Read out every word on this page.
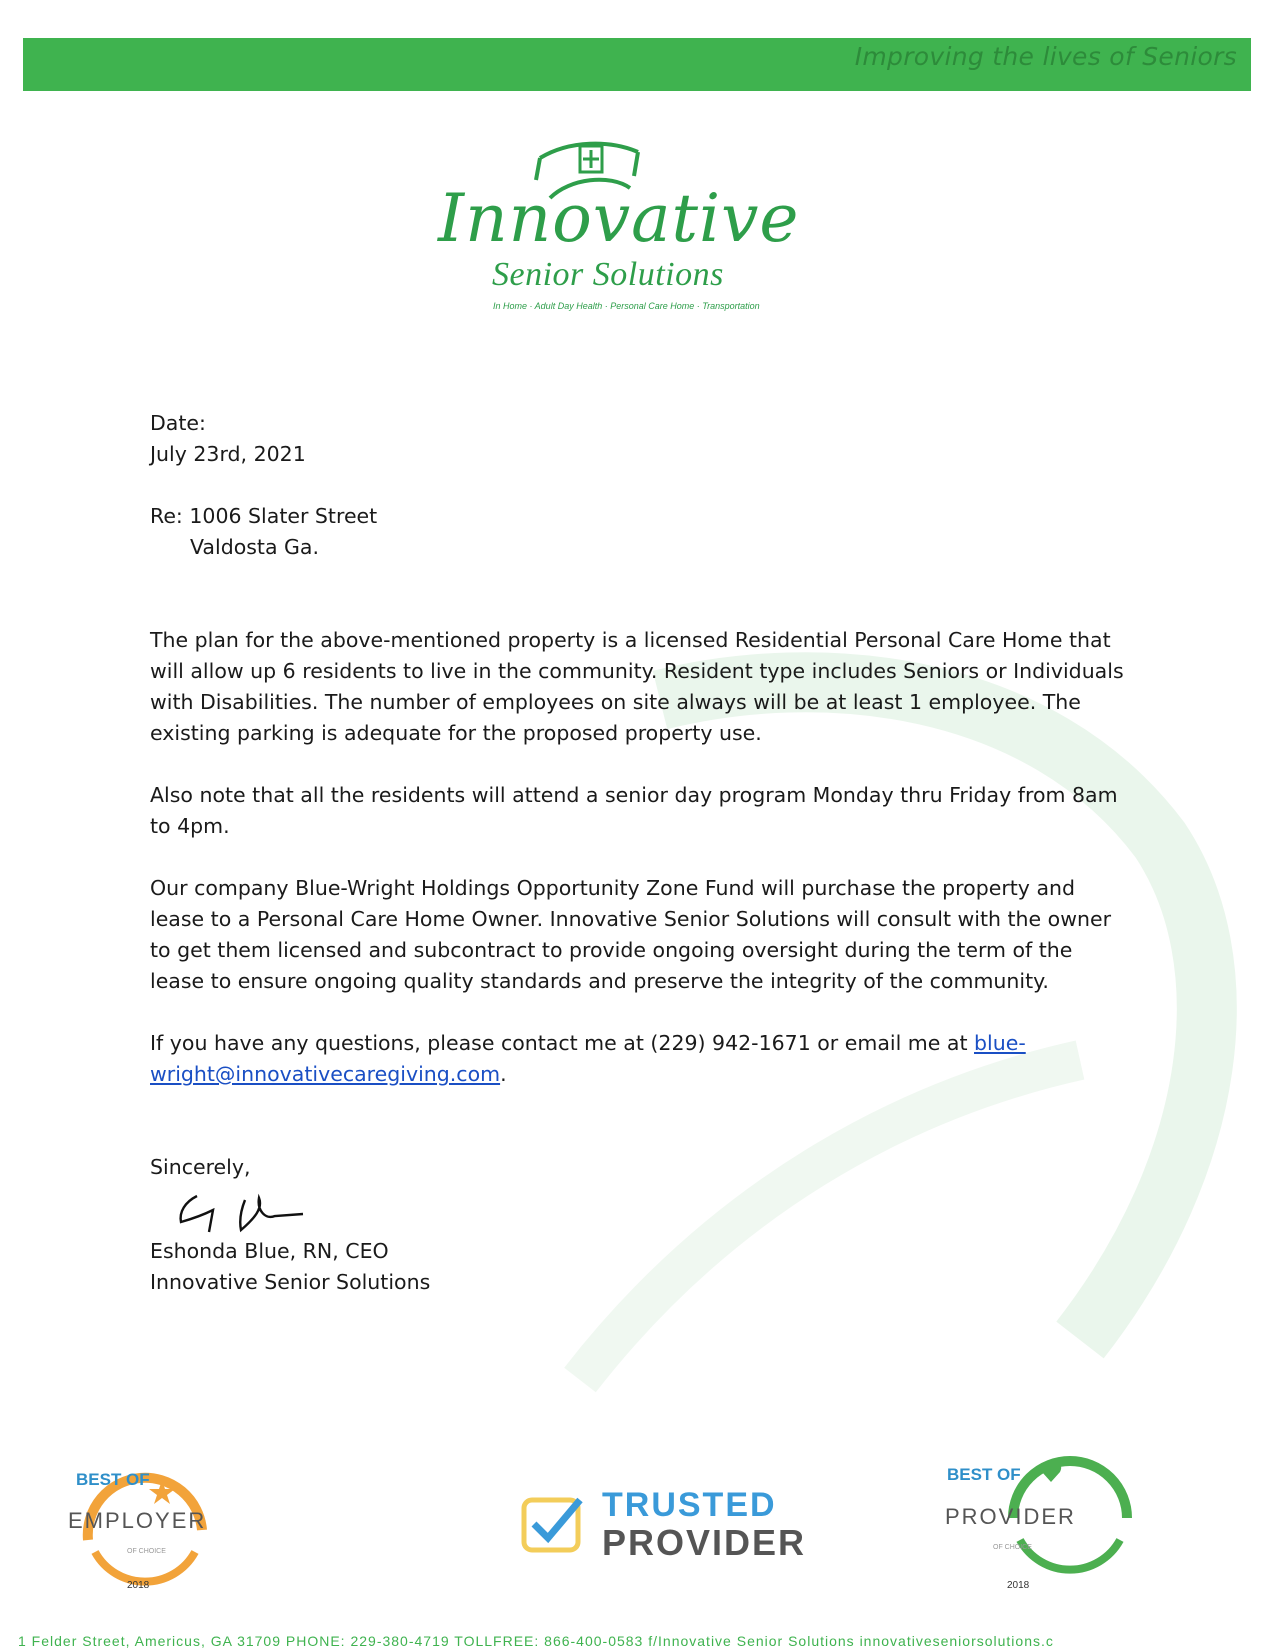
Improving the lives of Seniors
Innovative
Senior Solutions
In Home · Adult Day Health · Personal Care Home · Transportation

Date:

July 23rd, 2021

Re: 1006 Slater Street

Valdosta Ga.

The plan for the above-mentioned property is a licensed Residential Personal Care Home that will allow up 6 residents to live in the community. Resident type includes Seniors or Individuals with Disabilities. The number of employees on site always will be at least 1 employee. The existing parking is adequate for the proposed property use.

Also note that all the residents will attend a senior day program Monday thru Friday from 8am to 4pm.

Our company Blue-Wright Holdings Opportunity Zone Fund will purchase the property and lease to a Personal Care Home Owner. Innovative Senior Solutions will consult with the owner to get them licensed and subcontract to provide ongoing oversight during the term of the lease to ensure ongoing quality standards and preserve the integrity of the community.

If you have any questions, please contact me at (229) 942-1671 or email me at blue-wright@innovativecaregiving.com.

Sincerely,

Eshonda Blue, RN, CEO

Innovative Senior Solutions

BEST OF
EMPLOYER
OF CHOICE
2018
TRUSTED
PROVIDER
BEST OF
PROVIDER
OF CHOICE
2018
1 Felder Street, Americus, GA 31709 PHONE: 229-380-4719 TOLLFREE: 866-400-0583 f/Innovative Senior Solutions innovativeseniorsolutions.c
